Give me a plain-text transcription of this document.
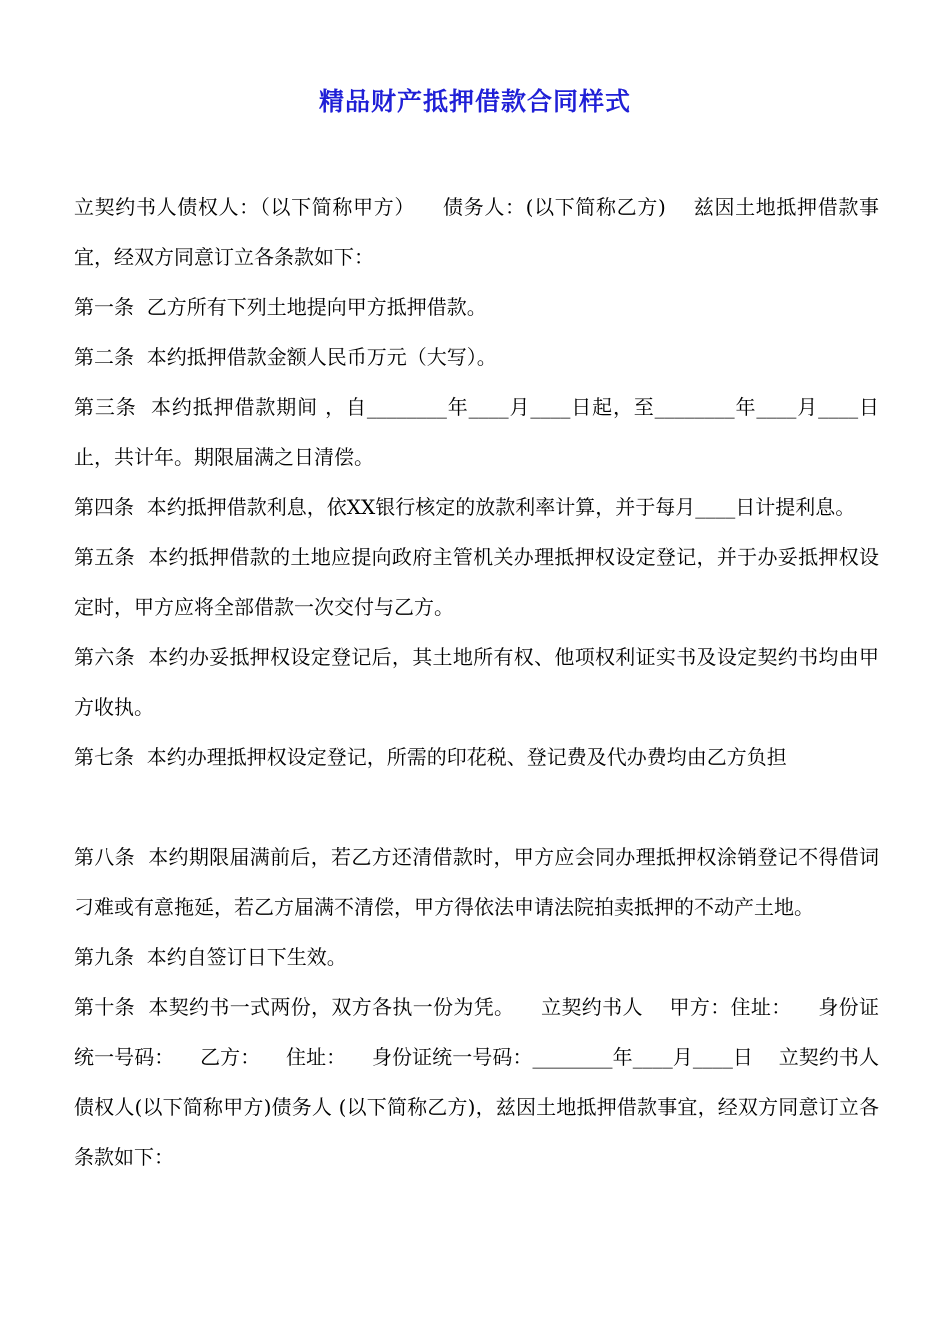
精品财产抵押借款合同样式

立契约书人债权人：（以下简称甲方）    债务人：(以下简称乙方)    兹因土地抵押借款事宜，经双方同意订立各条款如下：

第一条  乙方所有下列土地提向甲方抵押借款。

第二条  本约抵押借款金额人民币万元（大写）。

第三条  本约抵押借款期间 ，自________年____月____日起，至________年____月____日止，共计年。期限届满之日清偿。

第四条  本约抵押借款利息，依XX银行核定的放款利率计算，并于每月____日计提利息。

第五条  本约抵押借款的土地应提向政府主管机关办理抵押权设定登记，并于办妥抵押权设定时，甲方应将全部借款一次交付与乙方。

第六条  本约办妥抵押权设定登记后，其土地所有权、他项权利证实书及设定契约书均由甲方收执。

第七条  本约办理抵押权设定登记，所需的印花税、登记费及代办费均由乙方负担

第八条  本约期限届满前后，若乙方还清借款时，甲方应会同办理抵押权涂销登记不得借词刁难或有意拖延，若乙方届满不清偿，甲方得依法申请法院拍卖抵押的不动产土地。

第九条  本约自签订日下生效。

第十条  本契约书一式两份，双方各执一份为凭。    立契约书人    甲方：住址：    身份证统一号码：    乙方：    住址：    身份证统一号码：________年____月____日    立契约书人债权人(以下简称甲方)债务人 (以下简称乙方)，兹因土地抵押借款事宜，经双方同意订立各条款如下：
